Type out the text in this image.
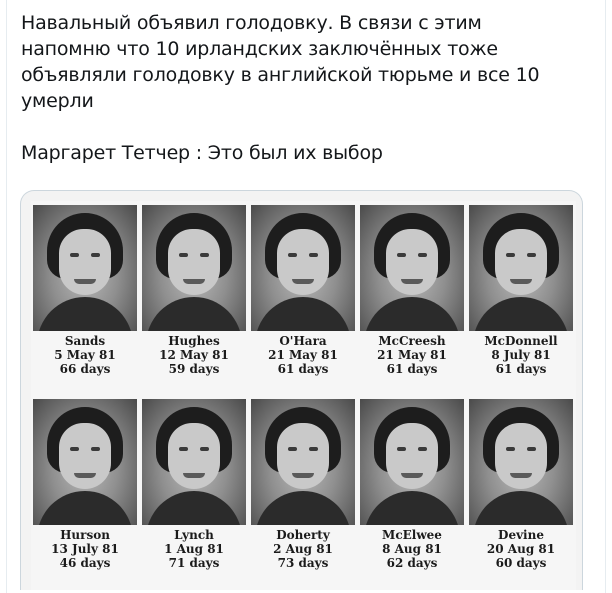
Навальный объявил голодовку. В связи с этим
напомню что 10 ирландских заключённых тоже
объявляли голодовку в английской тюрьме и все 10
умерли
Маргарет Тетчер : Это был их выбор
Sands
5 May 81
66 days
Hughes
12 May 81
59 days
O'Hara
21 May 81
61 days
McCreesh
21 May 81
61 days
McDonnell
8 July 81
61 days
Hurson
13 July 81
46 days
Lynch
1 Aug 81
71 days
Doherty
2 Aug 81
73 days
McElwee
8 Aug 81
62 days
Devine
20 Aug 81
60 days
